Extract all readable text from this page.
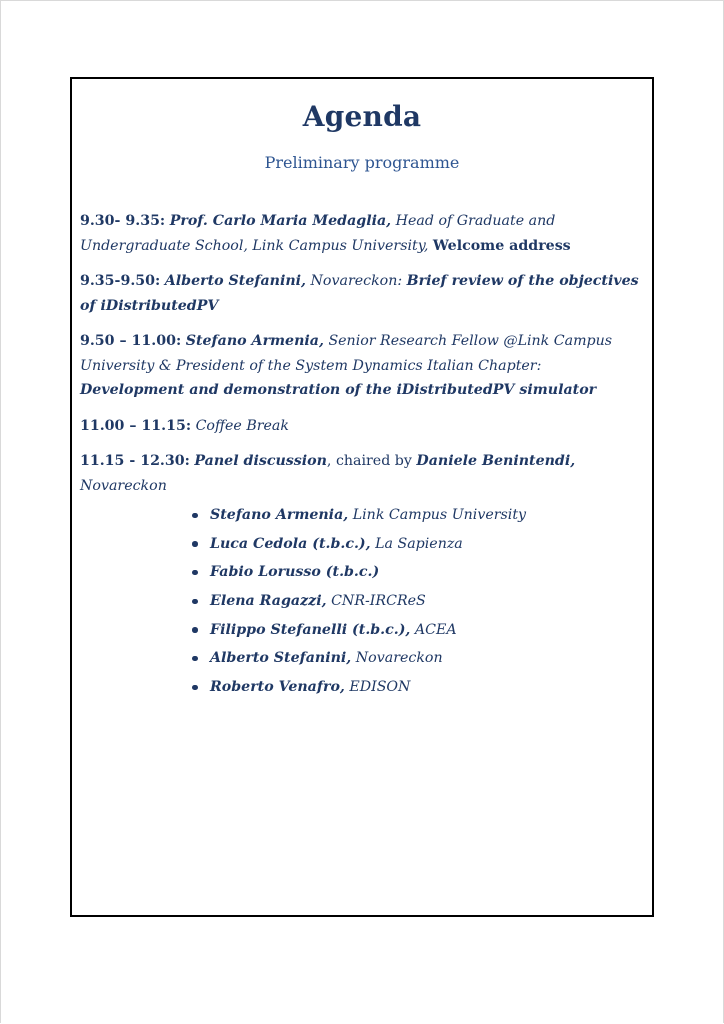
Agenda
Preliminary programme

9.30- 9.35: Prof. Carlo Maria Medaglia, Head of Graduate and Undergraduate School, Link Campus University, Welcome address

9.35-9.50: Alberto Stefanini, Novareckon: Brief review of the objectives of iDistributedPV

9.50 – 11.00: Stefano Armenia, Senior Research Fellow @Link Campus University & President of the System Dynamics Italian Chapter: Development and demonstration of the iDistributedPV simulator

11.00 – 11.15: Coffee Break

11.15 - 12.30: Panel discussion, chaired by Daniele Benintendi, Novareckon

Stefano Armenia, Link Campus University
Luca Cedola (t.b.c.), La Sapienza
Fabio Lorusso (t.b.c.)
Elena Ragazzi, CNR-IRCReS
Filippo Stefanelli (t.b.c.), ACEA
Alberto Stefanini, Novareckon
Roberto Venafro, EDISON
